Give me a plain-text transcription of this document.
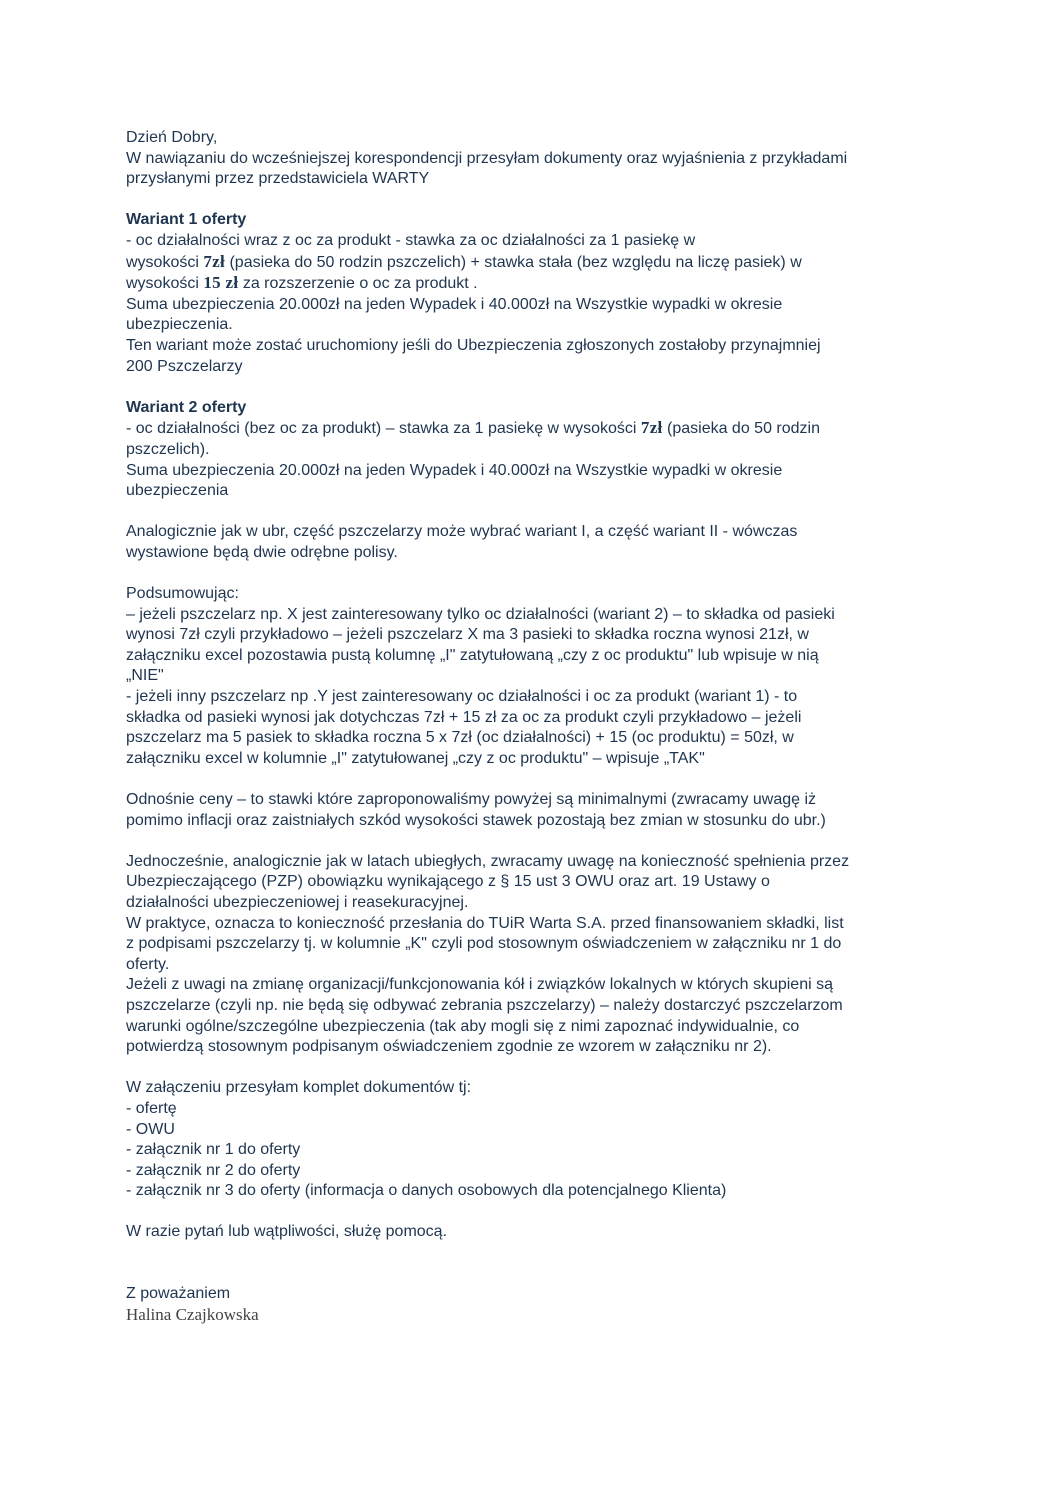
Dzień Dobry,
W nawiązaniu do wcześniejszej korespondencji przesyłam dokumenty oraz wyjaśnienia z przykładami
przysłanymi przez przedstawiciela WARTY
Wariant 1 oferty
- oc działalności wraz z oc za produkt - stawka za oc działalności za 1 pasiekę w
wysokości 7zł (pasieka do 50 rodzin pszczelich) + stawka stała (bez względu na liczę pasiek) w
wysokości 15 zł za rozszerzenie o oc za produkt .
Suma ubezpieczenia 20.000zł na jeden Wypadek i 40.000zł na Wszystkie wypadki w okresie
ubezpieczenia.
Ten wariant może zostać uruchomiony jeśli do Ubezpieczenia zgłoszonych zostałoby przynajmniej
200 Pszczelarzy
Wariant 2 oferty
- oc działalności (bez oc za produkt) – stawka za 1 pasiekę w wysokości 7zł (pasieka do 50 rodzin
pszczelich).
Suma ubezpieczenia 20.000zł na jeden Wypadek i 40.000zł na Wszystkie wypadki w okresie
ubezpieczenia
Analogicznie jak w ubr, część pszczelarzy może wybrać wariant I, a część wariant II - wówczas
wystawione będą dwie odrębne polisy.
Podsumowując:
– jeżeli pszczelarz np. X jest zainteresowany tylko oc działalności (wariant 2) – to składka od pasieki
wynosi 7zł czyli przykładowo – jeżeli pszczelarz X ma 3 pasieki to składka roczna wynosi 21zł, w
załączniku excel pozostawia pustą kolumnę „I" zatytułowaną „czy z oc produktu" lub wpisuje w nią
„NIE"
- jeżeli inny pszczelarz np .Y jest zainteresowany oc działalności i oc za produkt (wariant 1) - to
składka od pasieki wynosi jak dotychczas 7zł + 15 zł za oc za produkt czyli przykładowo – jeżeli
pszczelarz ma 5 pasiek to składka roczna 5 x 7zł (oc działalności) + 15 (oc produktu) = 50zł, w
załączniku excel w kolumnie „I" zatytułowanej „czy z oc produktu" – wpisuje „TAK"
Odnośnie ceny – to stawki które zaproponowaliśmy powyżej są minimalnymi (zwracamy uwagę iż
pomimo inflacji oraz zaistniałych szkód wysokości stawek pozostają bez zmian w stosunku do ubr.)
Jednocześnie, analogicznie jak w latach ubiegłych, zwracamy uwagę na konieczność spełnienia przez
Ubezpieczającego (PZP) obowiązku wynikającego z § 15 ust 3 OWU oraz art. 19 Ustawy o
działalności ubezpieczeniowej i reasekuracyjnej.
W praktyce, oznacza to konieczność przesłania do TUiR Warta S.A. przed finansowaniem składki, list
z podpisami pszczelarzy tj. w kolumnie „K" czyli pod stosownym oświadczeniem w załączniku nr 1 do
oferty.
Jeżeli z uwagi na zmianę organizacji/funkcjonowania kół i związków lokalnych w których skupieni są
pszczelarze (czyli np. nie będą się odbywać zebrania pszczelarzy) – należy dostarczyć pszczelarzom
warunki ogólne/szczególne ubezpieczenia (tak aby mogli się z nimi zapoznać indywidualnie, co
potwierdzą stosownym podpisanym oświadczeniem zgodnie ze wzorem w załączniku nr 2).
W załączeniu przesyłam komplet dokumentów tj:
- ofertę
- OWU
- załącznik nr 1 do oferty
- załącznik nr 2 do oferty
- załącznik nr 3 do oferty (informacja o danych osobowych dla potencjalnego Klienta)
W razie pytań lub wątpliwości, służę pomocą.
Z poważaniem
Halina Czajkowska
